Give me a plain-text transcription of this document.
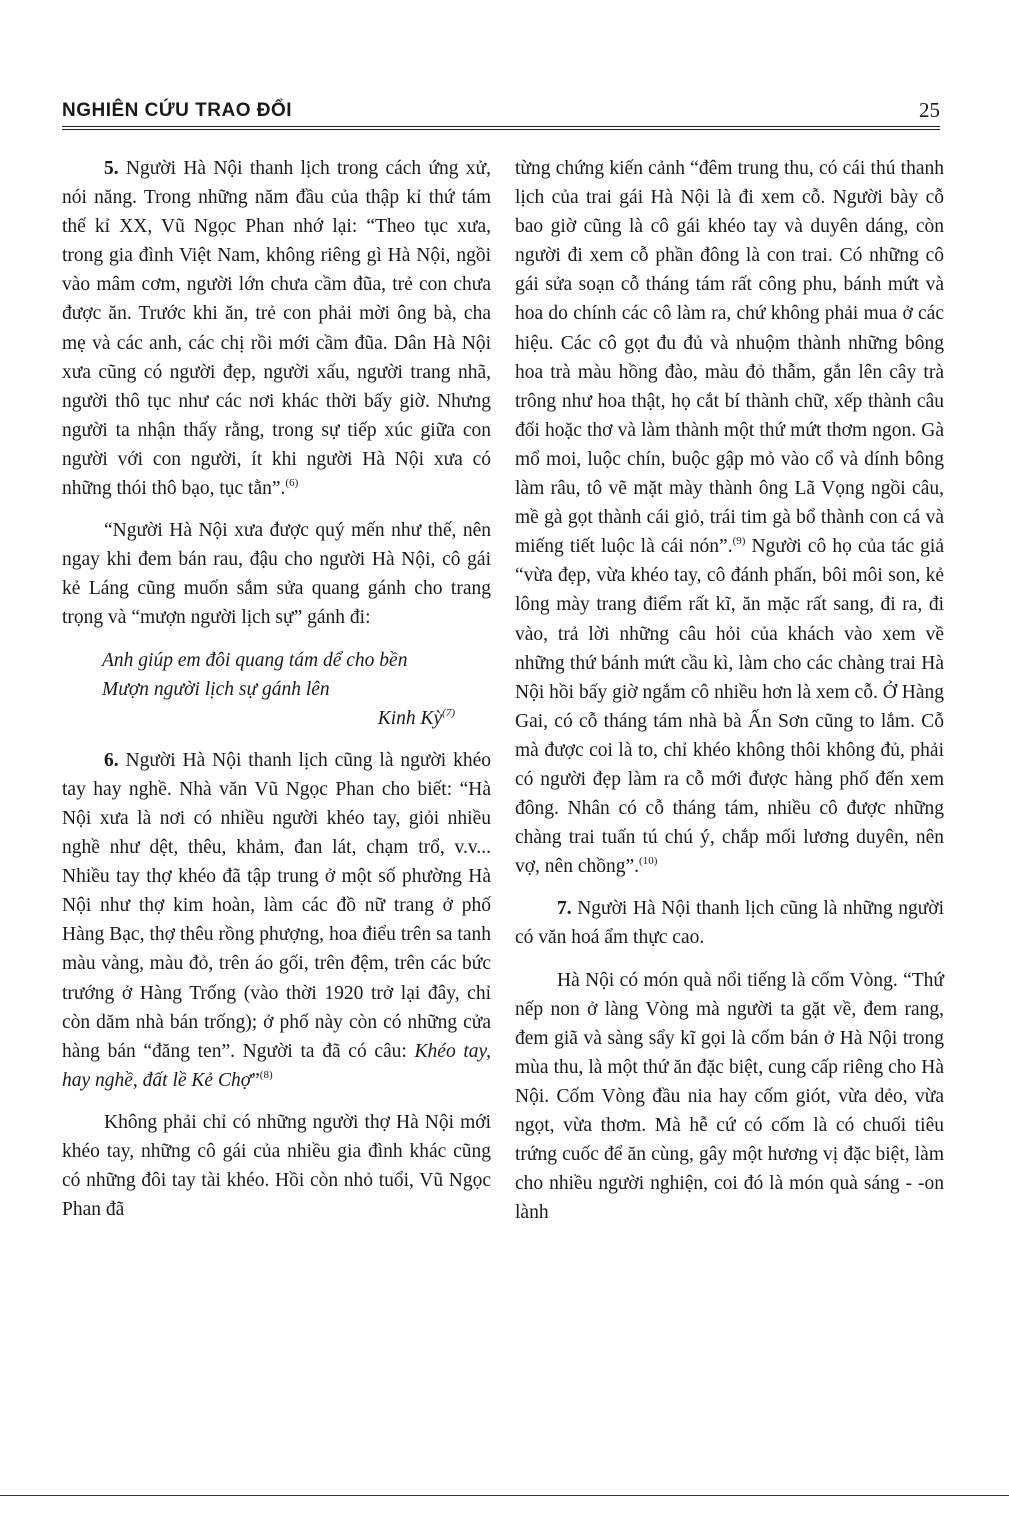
NGHIÊN CỨU TRAO ĐỔI	25

5. Người Hà Nội thanh lịch trong cách ứng xử, nói năng. Trong những năm đầu của thập kỉ thứ tám thế kỉ XX, Vũ Ngọc Phan nhớ lại: “Theo tục xưa, trong gia đình Việt Nam, không riêng gì Hà Nội, ngồi vào mâm cơm, người lớn chưa cầm đũa, trẻ con chưa được ăn. Trước khi ăn, trẻ con phải mời ông bà, cha mẹ và các anh, các chị rồi mới cầm đũa. Dân Hà Nội xưa cũng có người đẹp, người xấu, người trang nhã, người thô tục như các nơi khác thời bấy giờ. Nhưng người ta nhận thấy rằng, trong sự tiếp xúc giữa con người với con người, ít khi người Hà Nội xưa có những thói thô bạo, tục tằn”.$^{(6)}$

“Người Hà Nội xưa được quý mến như thế, nên ngay khi đem bán rau, đậu cho người Hà Nội, cô gái kẻ Láng cũng muốn sắm sửa quang gánh cho trang trọng và “mượn người lịch sự” gánh đi:

Anh giúp em đôi quang tám dể cho bền
Mượn người lịch sự gánh lên
Kinh Kỳ$^{(7)}$

6. Người Hà Nội thanh lịch cũng là người khéo tay hay nghề. Nhà văn Vũ Ngọc Phan cho biết: “Hà Nội xưa là nơi có nhiều người khéo tay, giỏi nhiều nghề như dệt, thêu, khảm, đan lát, chạm trổ, v.v... Nhiều tay thợ khéo đã tập trung ở một số phường Hà Nội như thợ kim hoàn, làm các đồ nữ trang ở phố Hàng Bạc, thợ thêu rồng phượng, hoa điểu trên sa tanh màu vàng, màu đỏ, trên áo gối, trên đệm, trên các bức trướng ở Hàng Trống (vào thời 1920 trở lại đây, chỉ còn dăm nhà bán trống); ở phố này còn có những cửa hàng bán “đăng ten”. Người ta đã có câu: Khéo tay, hay nghề, đất lề Kẻ Chợ”$^{(8)}$

Không phải chỉ có những người thợ Hà Nội mới khéo tay, những cô gái của nhiều gia đình khác cũng có những đôi tay tài khéo. Hồi còn nhỏ tuổi, Vũ Ngọc Phan đã

từng chứng kiến cảnh “đêm trung thu, có cái thú thanh lịch của trai gái Hà Nội là đi xem cỗ. Người bày cỗ bao giờ cũng là cô gái khéo tay và duyên dáng, còn người đi xem cỗ phần đông là con trai. Có những cô gái sửa soạn cỗ tháng tám rất công phu, bánh mứt và hoa do chính các cô làm ra, chứ không phải mua ở các hiệu. Các cô gọt đu đủ và nhuộm thành những bông hoa trà màu hồng đào, màu đỏ thẫm, gắn lên cây trà trông như hoa thật, họ cắt bí thành chữ, xếp thành câu đối hoặc thơ và làm thành một thứ mứt thơm ngon. Gà mổ moi, luộc chín, buộc gập mỏ vào cổ và dính bông làm râu, tô vẽ mặt mày thành ông Lã Vọng ngồi câu, mề gà gọt thành cái giỏ, trái tim gà bổ thành con cá và miếng tiết luộc là cái nón”.$^{(9)}$ Người cô họ của tác giả “vừa đẹp, vừa khéo tay, cô đánh phấn, bôi môi son, kẻ lông mày trang điểm rất kĩ, ăn mặc rất sang, đi ra, đi vào, trả lời những câu hỏi của khách vào xem về những thứ bánh mứt cầu kì, làm cho các chàng trai Hà Nội hồi bấy giờ ngắm cô nhiều hơn là xem cỗ. Ở Hàng Gai, có cỗ tháng tám nhà bà Ấn Sơn cũng to lắm. Cỗ mà được coi là to, chỉ khéo không thôi không đủ, phải có người đẹp làm ra cỗ mới được hàng phố đến xem đông. Nhân có cỗ tháng tám, nhiều cô được những chàng trai tuấn tú chú ý, chắp mối lương duyên, nên vợ, nên chồng”.$^{(10)}$

7. Người Hà Nội thanh lịch cũng là những người có văn hoá ẩm thực cao.

Hà Nội có món quà nổi tiếng là cốm Vòng. “Thứ nếp non ở làng Vòng mà người ta gặt về, đem rang, đem giã và sàng sẩy kĩ gọi là cốm bán ở Hà Nội trong mùa thu, là một thứ ăn đặc biệt, cung cấp riêng cho Hà Nội. Cốm Vòng đầu nia hay cốm giót, vừa dẻo, vừa ngọt, vừa thơm. Mà hễ cứ có cốm là có chuối tiêu trứng cuốc để ăn cùng, gây một hương vị đặc biệt, làm cho nhiều người nghiện, coi đó là món quà sáng ‑ ‑on lành
